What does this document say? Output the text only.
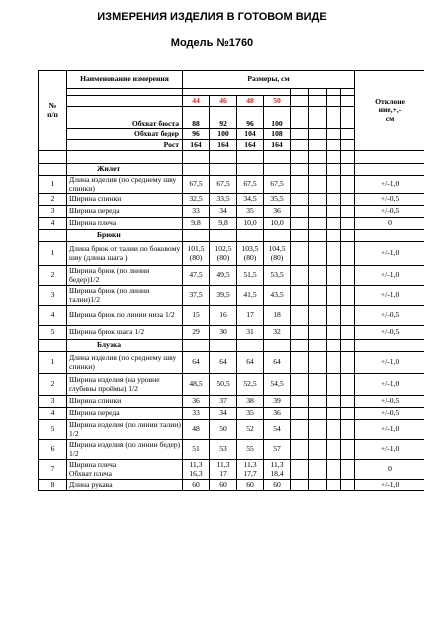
ИЗМЕРЕНИЯ ИЗДЕЛИЯ В ГОТОВОМ ВИДЕ
Модель №1760
№
п/п	Наименование измерения	Размеры, см								Отклоне
ние,+,-
см

		44	46	48	50					
	Обхват бюста	88	92	96	100					
	Обхват бедер	96	100	104	108					
	Рост	164	164	164	164					

	Жилет									
1	Длина изделия (по среднему шву спинки)	67,5	67,5	67,5	67,5					+/-1,0
2	Ширина спинки	32,5	33,5	34,5	35,5					+/-0,5
3	Ширина переда	33	34	35	36					+/-0,5
4	Ширина плеча	9,8	9,8	10,0	10,0					0
	Брюки									
1	Длина брюк от талии по боковому шву (длина шага )	101,5
(80)	102,5
(80)	103,5
(80)	104,5
(80)					+/-1,0
2	Ширина брюк (по линии бедер)1/2	47,5	49,5	51,5	53,5					+/-1,0
3	Ширина брюк (по линии талии)1/2	37,5	39,5	41,5	43,5					+/-1,0
4	Ширина брюк по линии низа 1/2	15	16	17	18					+/-0,5
5	Ширина брюк шага 1/2	29	30	31	32					+/-0,5
	Блузка									
1	Длина изделия (по среднему шву спинки)	64	64	64	64					+/-1,0
2	Ширина изделия (на уровне глубины проймы) 1/2	48,5	50,5	52,5	54,5					+/-1,0
3	Ширина спинки	36	37	38	39					+/-0,5
4	Ширина переда	33	34	35	36					+/-0,5
5	Ширина изделия (по линии талии) 1/2	48	50	52	54					+/-1,0
6	Ширина изделия (по линии бедер) 1/2	51	53	55	57					+/-1,0
7	Ширина плеча
Обхват плеча	11,3
16,3	11,3
17	11,3
17,7	11,3
18,4					0
8	Длина рукава	60	60	60	60					+/-1,0
